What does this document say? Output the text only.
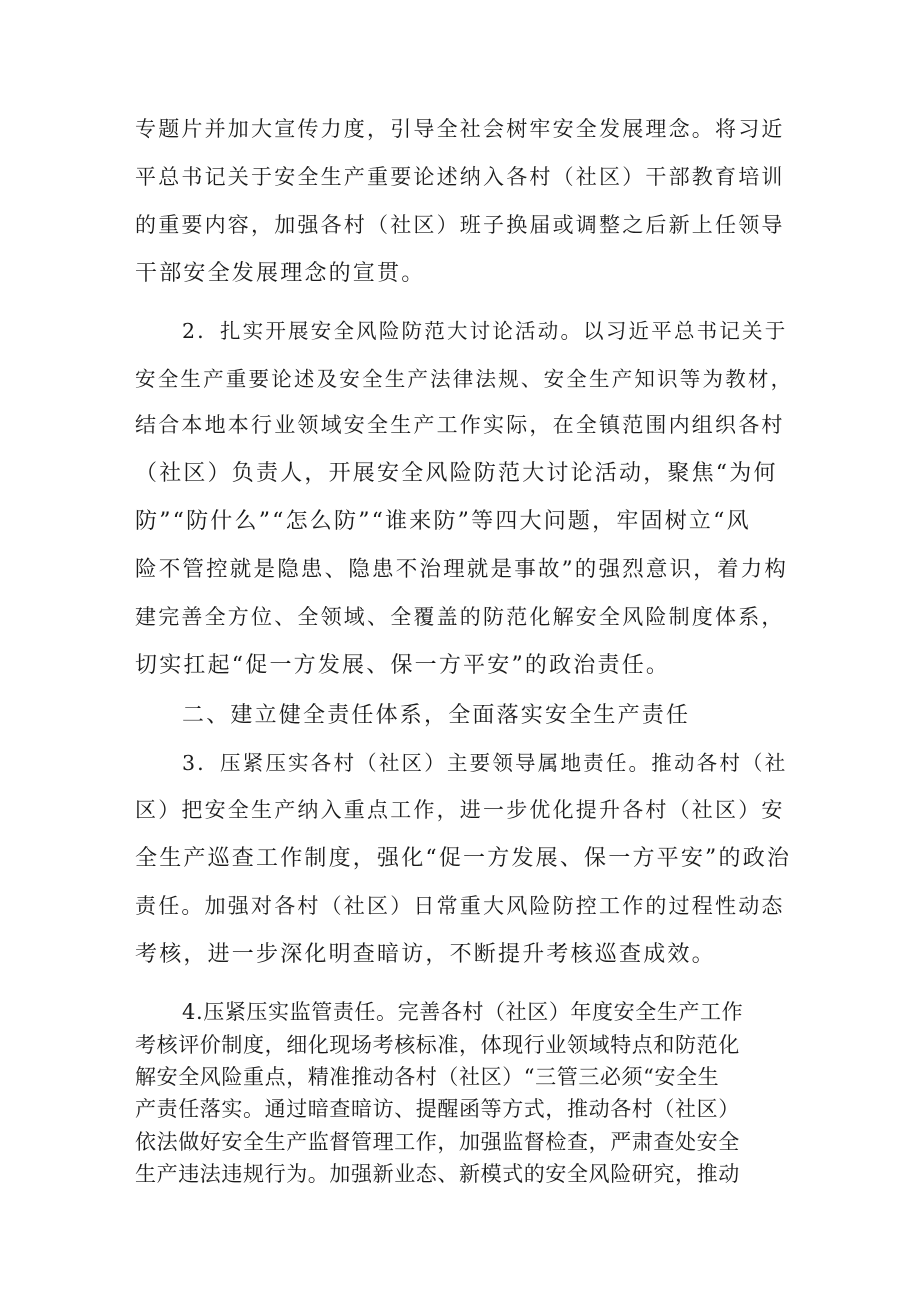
专题片并加大宣传力度，引导全社会树牢安全发展理念。将习近
平总书记关于安全生产重要论述纳入各村（社区）干部教育培训
的重要内容，加强各村（社区）班子换届或调整之后新上任领导
干部安全发展理念的宣贯。
2．扎实开展安全风险防范大讨论活动。以习近平总书记关于
安全生产重要论述及安全生产法律法规、安全生产知识等为教材，
结合本地本行业领域安全生产工作实际，在全镇范围内组织各村
（社区）负责人，开展安全风险防范大讨论活动，聚焦“为何
防”“防什么”“怎么防”“谁来防”等四大问题，牢固树立“风
险不管控就是隐患、隐患不治理就是事故”的强烈意识，着力构
建完善全方位、全领域、全覆盖的防范化解安全风险制度体系，
切实扛起“促一方发展、保一方平安”的政治责任。
二、建立健全责任体系，全面落实安全生产责任
3．压紧压实各村（社区）主要领导属地责任。推动各村（社
区）把安全生产纳入重点工作，进一步优化提升各村（社区）安
全生产巡查工作制度，强化“促一方发展、保一方平安”的政治
责任。加强对各村（社区）日常重大风险防控工作的过程性动态
考核，进一步深化明查暗访，不断提升考核巡查成效。
4.压紧压实监管责任。完善各村（社区）年度安全生产工作
考核评价制度，细化现场考核标准，体现行业领域特点和防范化
解安全风险重点，精准推动各村（社区）“三管三必须“安全生
产责任落实。通过暗查暗访、提醒函等方式，推动各村（社区）
依法做好安全生产监督管理工作，加强监督检查，严肃查处安全
生产违法违规行为。加强新业态、新模式的安全风险研究，推动
